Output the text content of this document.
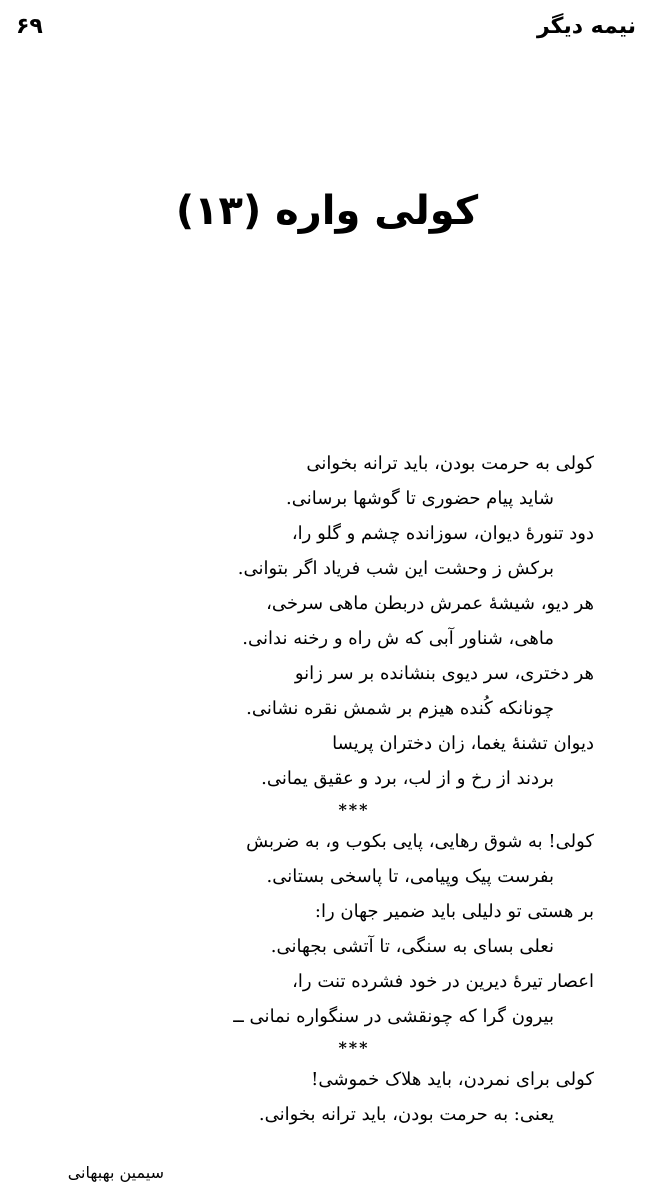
نیمه دیگر
۶۹
کولی واره (۱۳)
کولی به حرمت بودن، باید ترانه بخوانی
شاید پیام حضوری تا گوشها برسانی.
دود تنورهٔ دیوان، سوزانده چشم و گلو را،
برکش ز وحشت این شب فریاد اگر بتوانی.
هر دیو، شیشهٔ عمرش دربطن ماهی سرخی،
ماهی، شناور آبی که ش راه و رخنه ندانی.
هر دختری، سر دیوی بنشانده بر سر زانو
چونانکه کُنده هیزم بر شمش نقره نشانی.
دیوان تشنهٔ یغما، زان دختران پریسا
بردند از رخ و از لب، برد و عقیق یمانی.
***
کولی! به شوق رهایی، پایی بکوب و، به ضربش
بفرست پیک وپیامی، تا پاسخی بستانی.
بر هستی تو دلیلی باید ضمیر جهان را:
نعلی بسای به سنگی، تا آتشی بجهانی.
اعصار تیرهٔ دیرین در خود فشرده تنت را،
بیرون گرا که چونقشی در سنگواره نمانی ــ
***
کولی برای نمردن، باید هلاک خموشی!
یعنی: به حرمت بودن، باید ترانه بخوانی.
سیمین بهبهانی
